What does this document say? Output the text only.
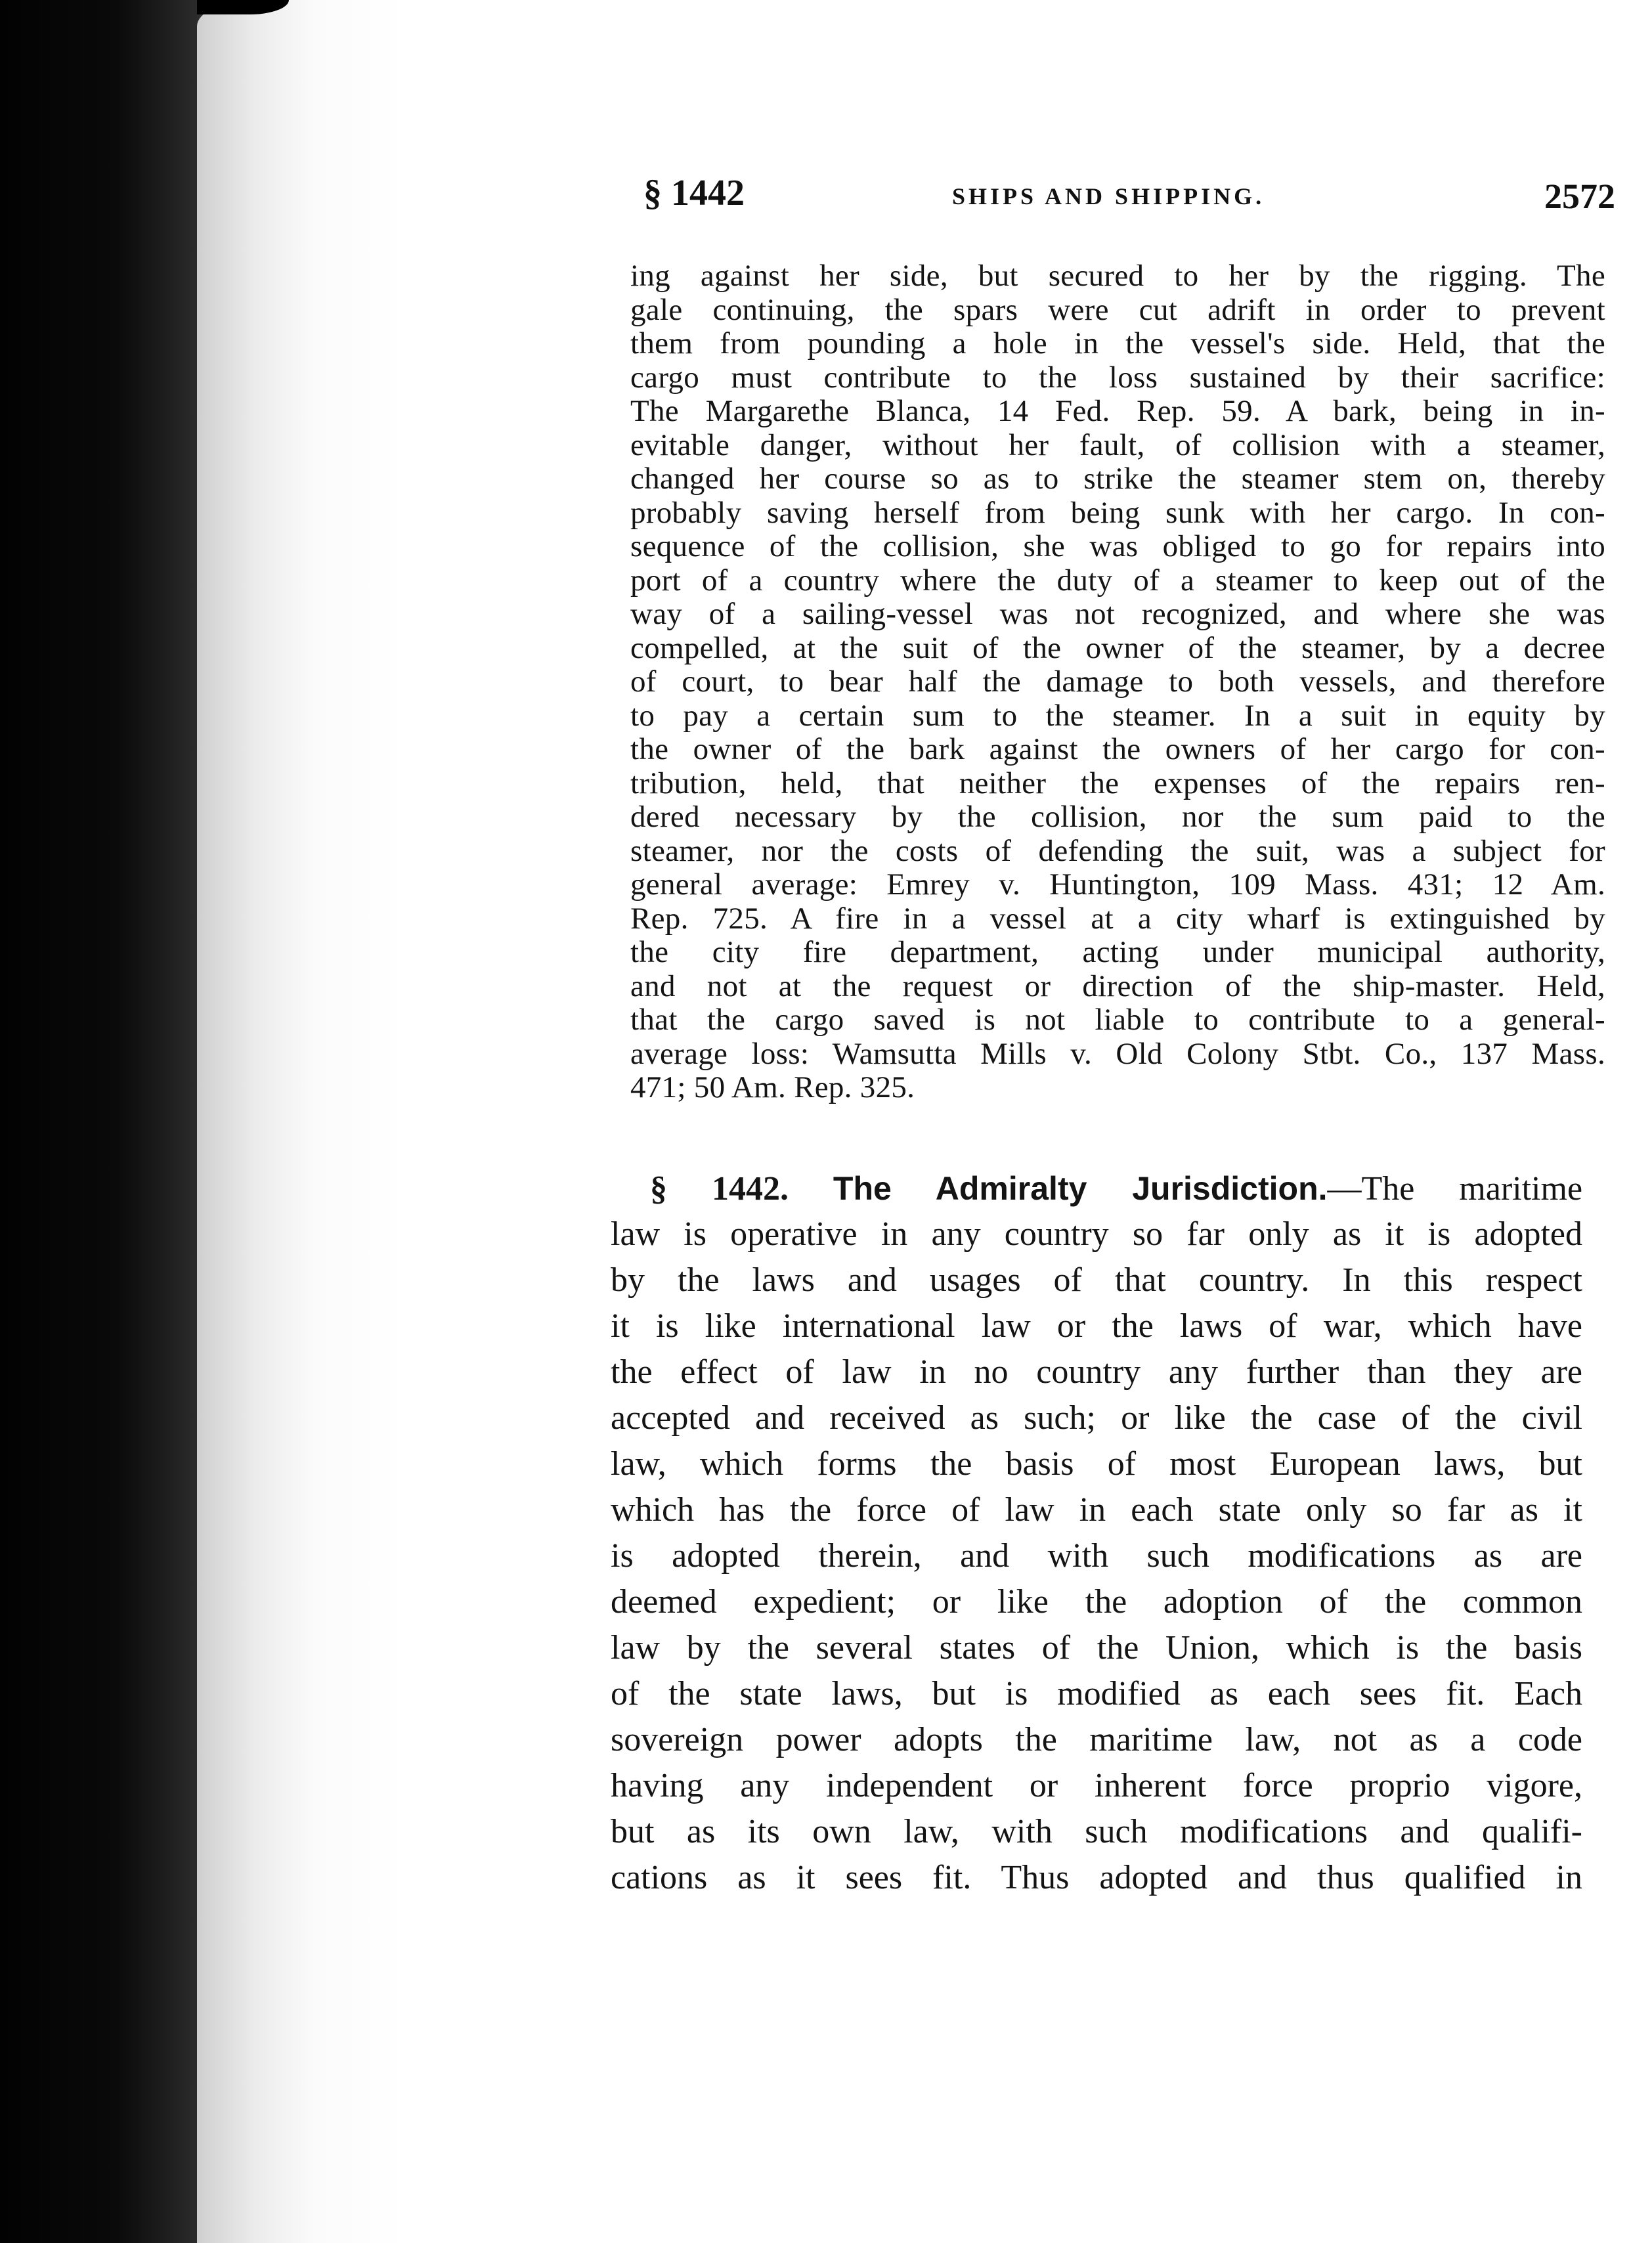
§ 1442	SHIPS AND SHIPPING.	2572
ing against her side, but secured to her by the rigging. The
gale continuing, the spars were cut adrift in order to prevent
them from pounding a hole in the vessel's side. Held, that the
cargo must contribute to the loss sustained by their sacrifice:
The Margarethe Blanca, 14 Fed. Rep. 59. A bark, being in in-
evitable danger, without her fault, of collision with a steamer,
changed her course so as to strike the steamer stem on, thereby
probably saving herself from being sunk with her cargo. In con-
sequence of the collision, she was obliged to go for repairs into
port of a country where the duty of a steamer to keep out of the
way of a sailing-vessel was not recognized, and where she was
compelled, at the suit of the owner of the steamer, by a decree
of court, to bear half the damage to both vessels, and therefore
to pay a certain sum to the steamer. In a suit in equity by
the owner of the bark against the owners of her cargo for con-
tribution, held, that neither the expenses of the repairs ren-
dered necessary by the collision, nor the sum paid to the
steamer, nor the costs of defending the suit, was a subject for
general average: Emrey v. Huntington, 109 Mass. 431; 12 Am.
Rep. 725. A fire in a vessel at a city wharf is extinguished by
the city fire department, acting under municipal authority,
and not at the request or direction of the ship-master. Held,
that the cargo saved is not liable to contribute to a general-
average loss: Wamsutta Mills v. Old Colony Stbt. Co., 137 Mass.
471; 50 Am. Rep. 325.
§ 1442. The Admiralty Jurisdiction.—The maritime
law is operative in any country so far only as it is adopted
by the laws and usages of that country. In this respect
it is like international law or the laws of war, which have
the effect of law in no country any further than they are
accepted and received as such; or like the case of the civil
law, which forms the basis of most European laws, but
which has the force of law in each state only so far as it
is adopted therein, and with such modifications as are
deemed expedient; or like the adoption of the common
law by the several states of the Union, which is the basis
of the state laws, but is modified as each sees fit. Each
sovereign power adopts the maritime law, not as a code
having any independent or inherent force proprio vigore,
but as its own law, with such modifications and qualifi-
cations as it sees fit. Thus adopted and thus qualified in
